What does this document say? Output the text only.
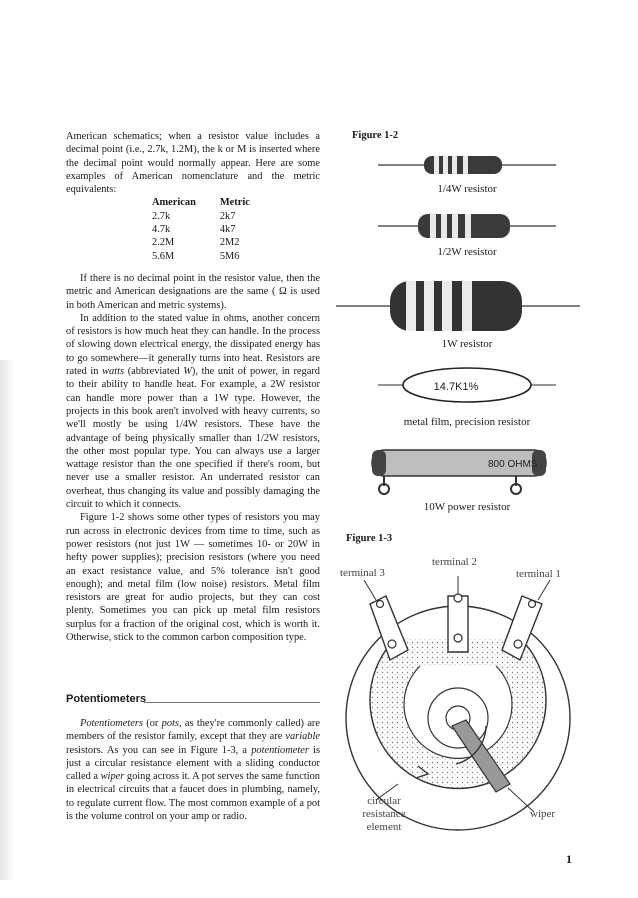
American schematics; when a resistor value includes a decimal point (i.e., 2.7k, 1.2M), the k or M is inserted where the decimal point would normally appear. Here are some examples of American nomenclature and the metric equivalents:

American	Metric
2.7k	2k7
4.7k	4k7
2.2M	2M2
5.6M	5M6

If there is no decimal point in the resistor value, then the metric and American designations are the same ( Ω is used in both American and metric systems).

In addition to the stated value in ohms, another concern of resistors is how much heat they can handle. In the process of slowing down electrical energy, the dissipated energy has to go somewhere—it generally turns into heat. Resistors are rated in watts (abbreviated W), the unit of power, in regard to their ability to handle heat. For example, a 2W resistor can handle more power than a 1W type. However, the projects in this book aren't involved with heavy currents, so we'll mostly be using 1/4W resistors. These have the advantage of being physically smaller than 1/2W resistors, the other most popular type. You can always use a larger wattage resistor than the one specified if there's room, but never use a smaller resistor. An underrated resistor can overheat, thus changing its value and possibly damaging the circuit to which it connects.

Figure 1-2 shows some other types of resistors you may run across in electronic devices from time to time, such as power resistors (not just 1W — sometimes 10- or 20W in hefty power supplies); precision resistors (where you need an exact resistance value, and 5% tolerance isn't good enough); and metal film (low noise) resistors. Metal film resistors are great for audio projects, but they can cost plenty. Sometimes you can pick up metal film resistors surplus for a fraction of the original cost, which is worth it. Otherwise, stick to the common carbon composition type.

Potentiometers

Potentiometers (or pots, as they're commonly called) are members of the resistor family, except that they are variable resistors. As you can see in Figure 1-3, a potentiometer is just a circular resistance element with a sliding conductor called a wiper going across it. A pot serves the same function in electrical circuits that a faucet does in plumbing, namely, to regulate current flow. The most common example of a pot is the volume control on your amp or radio.

Figure 1-2
1/4W resistor
1/2W resistor
1W resistor
14.7K1%
metal film, precision resistor
800 OHMS
10W power resistor
Figure 1-3
terminal 2
terminal 3	terminal 1
wiper
circular
resistance
element
1
